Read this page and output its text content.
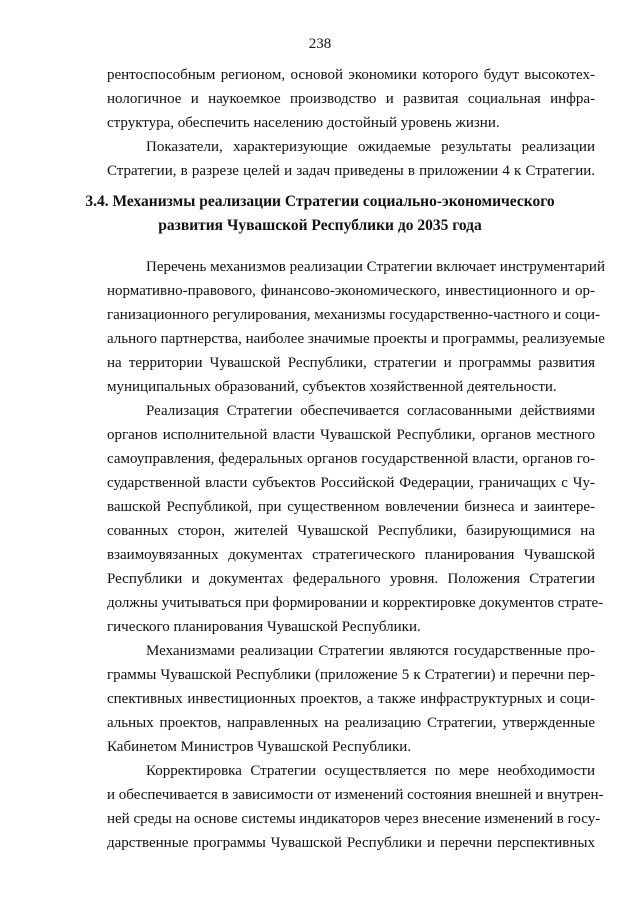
238
рентоспособным регионом, основой экономики которого будут высокотех-
нологичное и наукоемкое производство и развитая социальная инфра-
структура, обеспечить населению достойный уровень жизни.
Показатели, характеризующие ожидаемые результаты реализации
Стратегии, в разрезе целей и задач приведены в приложении 4 к Стратегии.
3.4. Механизмы реализации Стратегии социально-экономического
развития Чувашской Республики до 2035 года
Перечень механизмов реализации Стратегии включает инструментарий
нормативно-правового, финансово-экономического, инвестиционного и ор-
ганизационного регулирования, механизмы государственно-частного и соци-
ального партнерства, наиболее значимые проекты и программы, реализуемые
на территории Чувашской Республики, стратегии и программы развития
муниципальных образований, субъектов хозяйственной деятельности.
Реализация Стратегии обеспечивается согласованными действиями
органов исполнительной власти Чувашской Республики, органов местного
самоуправления, федеральных органов государственной власти, органов го-
сударственной власти субъектов Российской Федерации, граничащих с Чу-
вашской Республикой, при существенном вовлечении бизнеса и заинтере-
сованных сторон, жителей Чувашской Республики, базирующимися на
взаимоувязанных документах стратегического планирования Чувашской
Республики и документах федерального уровня. Положения Стратегии
должны учитываться при формировании и корректировке документов страте-
гического планирования Чувашской Республики.
Механизмами реализации Стратегии являются государственные про-
граммы Чувашской Республики (приложение 5 к Стратегии) и перечни пер-
спективных инвестиционных проектов, а также инфраструктурных и соци-
альных проектов, направленных на реализацию Стратегии, утвержденные
Кабинетом Министров Чувашской Республики.
Корректировка Стратегии осуществляется по мере необходимости
и обеспечивается в зависимости от изменений состояния внешней и внутрен-
ней среды на основе системы индикаторов через внесение изменений в госу-
дарственные программы Чувашской Республики и перечни перспективных
